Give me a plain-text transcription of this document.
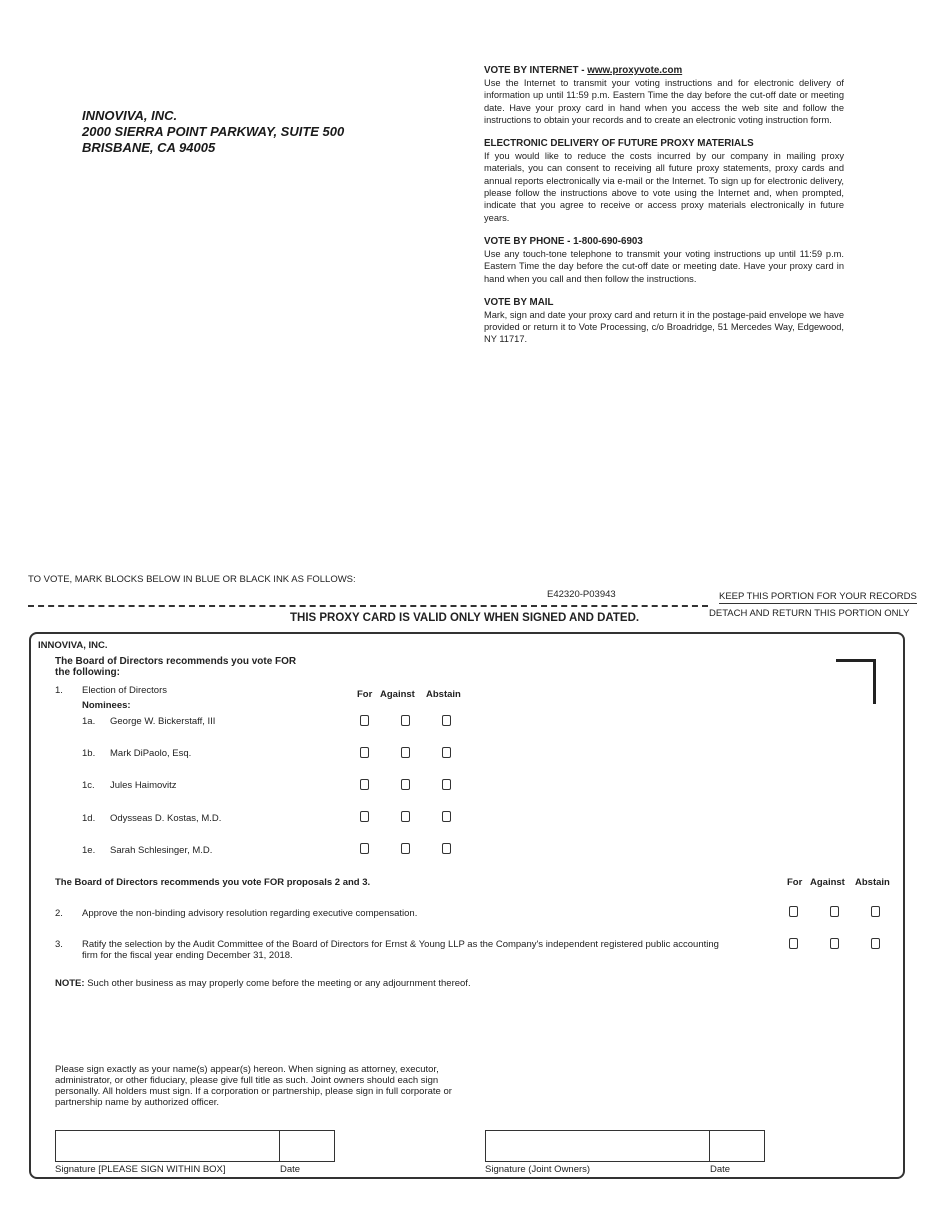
INNOVIVA, INC.
2000 SIERRA POINT PARKWAY, SUITE 500
BRISBANE, CA 94005
VOTE BY INTERNET - www.proxyvote.com
Use the Internet to transmit your voting instructions and for electronic delivery of information up until 11:59 p.m. Eastern Time the day before the cut-off date or meeting date. Have your proxy card in hand when you access the web site and follow the instructions to obtain your records and to create an electronic voting instruction form.
ELECTRONIC DELIVERY OF FUTURE PROXY MATERIALS
If you would like to reduce the costs incurred by our company in mailing proxy materials, you can consent to receiving all future proxy statements, proxy cards and annual reports electronically via e-mail or the Internet. To sign up for electronic delivery, please follow the instructions above to vote using the Internet and, when prompted, indicate that you agree to receive or access proxy materials electronically in future years.
VOTE BY PHONE - 1-800-690-6903
Use any touch-tone telephone to transmit your voting instructions up until 11:59 p.m. Eastern Time the day before the cut-off date or meeting date. Have your proxy card in hand when you call and then follow the instructions.
VOTE BY MAIL
Mark, sign and date your proxy card and return it in the postage-paid envelope we have provided or return it to Vote Processing, c/o Broadridge, 51 Mercedes Way, Edgewood, NY 11717.
TO VOTE, MARK BLOCKS BELOW IN BLUE OR BLACK INK AS FOLLOWS:
E42320-P03943	KEEP THIS PORTION FOR YOUR RECORDS
DETACH AND RETURN THIS PORTION ONLY
THIS PROXY CARD IS VALID ONLY WHEN SIGNED AND DATED.
INNOVIVA, INC.
The Board of Directors recommends you vote FOR
the following:
1. Election of Directors
Nominees:
For Against Abstain
1a. George W. Bickerstaff, III
1b. Mark DiPaolo, Esq.
1c. Jules Haimovitz
1d. Odysseas D. Kostas, M.D.
1e. Sarah Schlesinger, M.D.
The Board of Directors recommends you vote FOR proposals 2 and 3.	For Against Abstain
2. Approve the non-binding advisory resolution regarding executive compensation.
3. Ratify the selection by the Audit Committee of the Board of Directors for Ernst & Young LLP as the Company's independent registered public accounting
firm for the fiscal year ending December 31, 2018.
NOTE: Such other business as may properly come before the meeting or any adjournment thereof.
Please sign exactly as your name(s) appear(s) hereon. When signing as attorney, executor, administrator, or other fiduciary, please give full title as such. Joint owners should each sign personally. All holders must sign. If a corporation or partnership, please sign in full corporate or partnership name by authorized officer.
Signature [PLEASE SIGN WITHIN BOX]	Date	Signature (Joint Owners)	Date
